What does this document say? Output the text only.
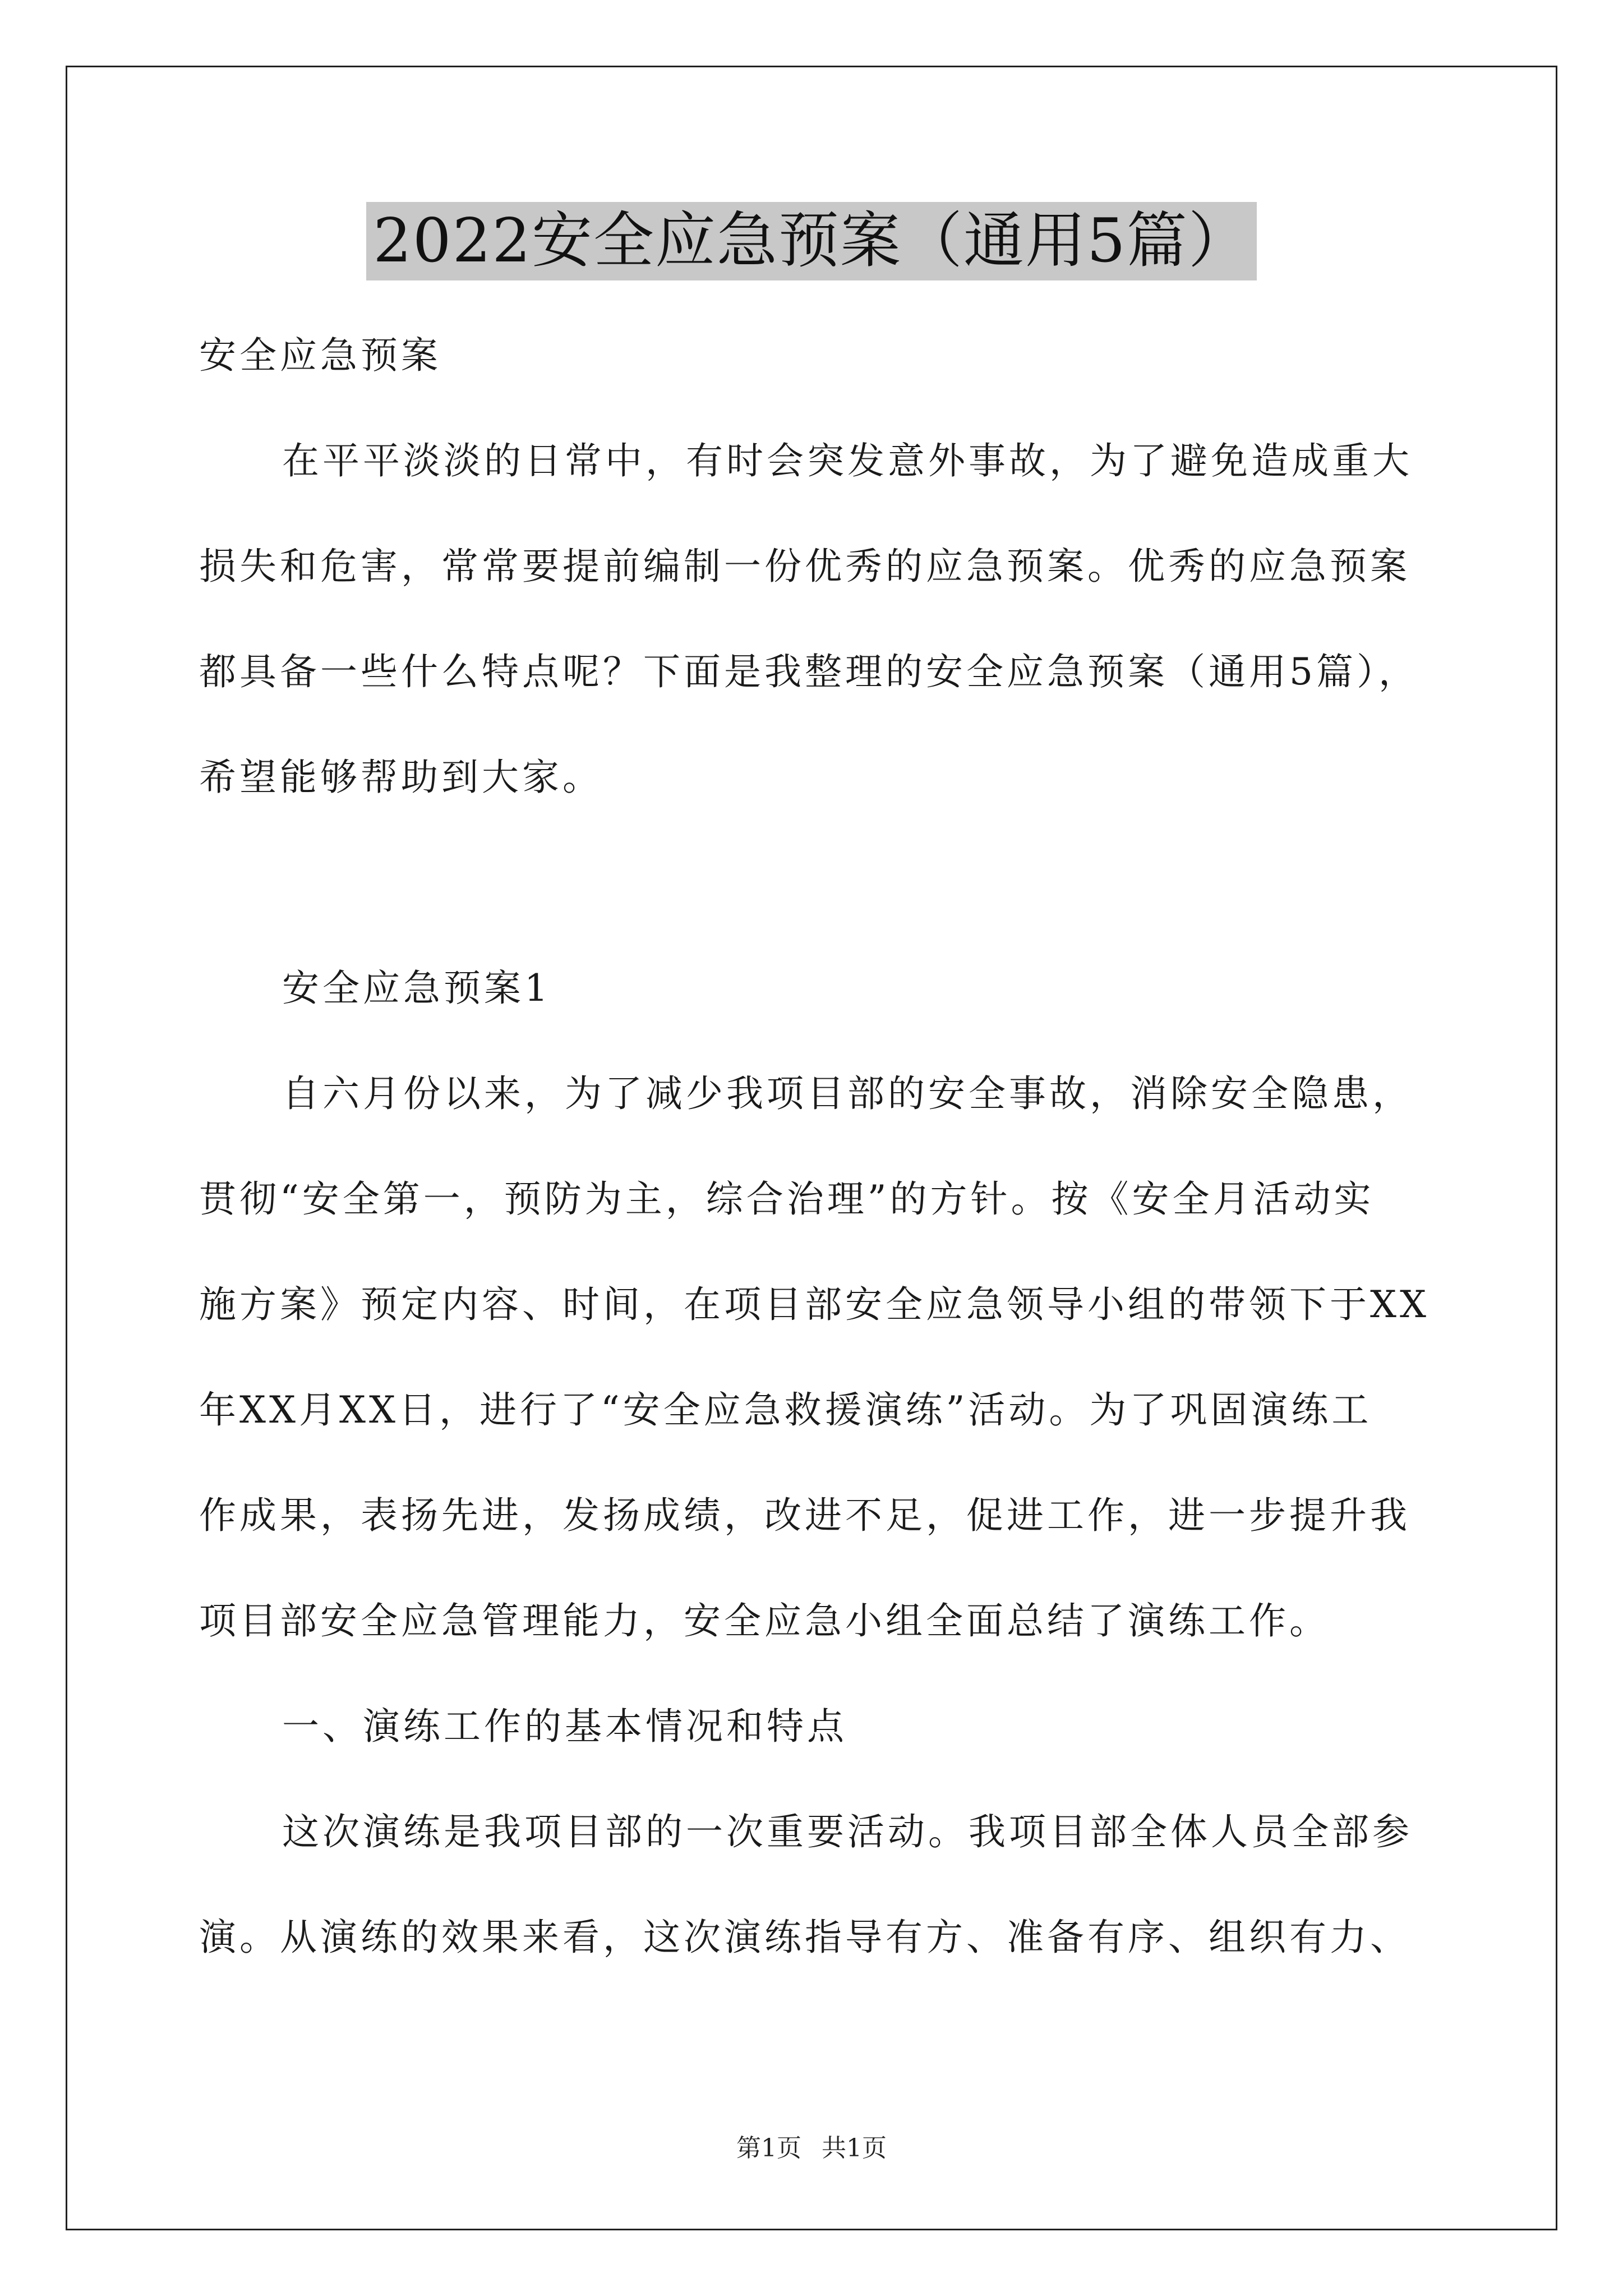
2022安全应急预案（通用5篇）
安全应急预案
在平平淡淡的日常中，有时会突发意外事故，为了避免造成重大
损失和危害，常常要提前编制一份优秀的应急预案。优秀的应急预案
都具备一些什么特点呢？下面是我整理的安全应急预案（通用5篇），
希望能够帮助到大家。
安全应急预案1
自六月份以来，为了减少我项目部的安全事故，消除安全隐患，
贯彻“安全第一，预防为主，综合治理”的方针。按《安全月活动实
施方案》预定内容、时间，在项目部安全应急领导小组的带领下于XX
年XX月XX日，进行了“安全应急救援演练”活动。为了巩固演练工
作成果，表扬先进，发扬成绩，改进不足，促进工作，进一步提升我
项目部安全应急管理能力，安全应急小组全面总结了演练工作。
一、演练工作的基本情况和特点
这次演练是我项目部的一次重要活动。我项目部全体人员全部参
演。从演练的效果来看，这次演练指导有方、准备有序、组织有力、
第1页 共1页
